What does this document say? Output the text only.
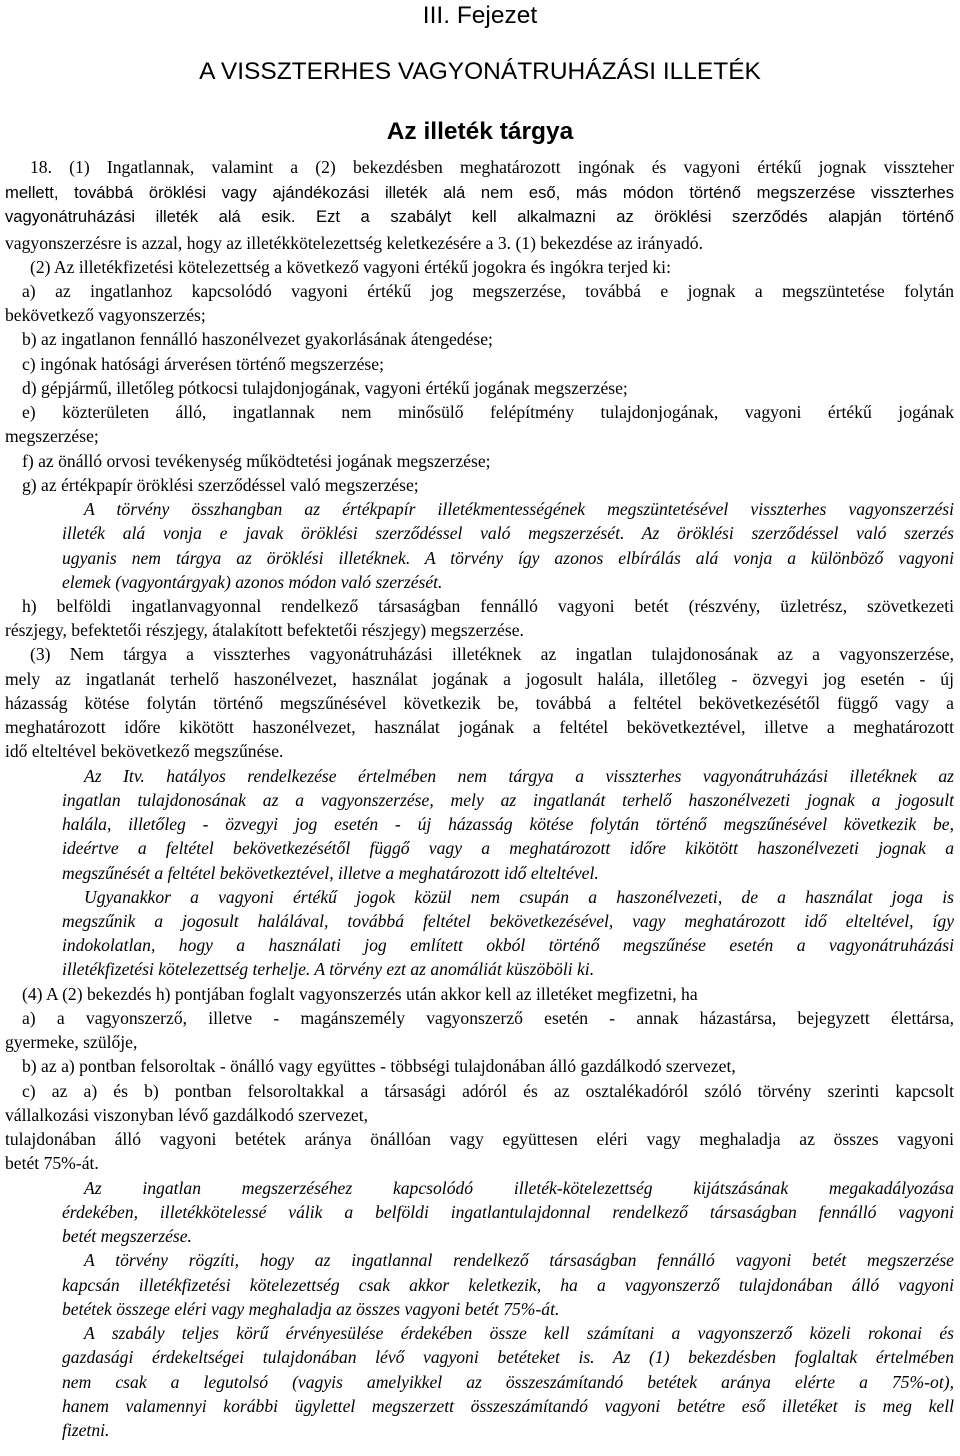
III. Fejezet
A VISSZTERHES VAGYONÁTRUHÁZÁSI ILLETÉK
Az illeték tárgya
18. (1) Ingatlannak, valamint a (2) bekezdésben meghatározott ingónak és vagyoni értékű jognak visszteher
mellett, továbbá öröklési vagy ajándékozási illeték alá nem eső, más módon történő megszerzése visszterhes
vagyonátruházási illeték alá esik. Ezt a szabályt kell alkalmazni az öröklési szerződés alapján történő
vagyonszerzésre is azzal, hogy az illetékkötelezettség keletkezésére a 3. (1) bekezdése az irányadó.
(2) Az illetékfizetési kötelezettség a következő vagyoni értékű jogokra és ingókra terjed ki:
a) az ingatlanhoz kapcsolódó vagyoni értékű jog megszerzése, továbbá e jognak a megszüntetése folytán
bekövetkező vagyonszerzés;
b) az ingatlanon fennálló haszonélvezet gyakorlásának átengedése;
c) ingónak hatósági árverésen történő megszerzése;
d) gépjármű, illetőleg pótkocsi tulajdonjogának, vagyoni értékű jogának megszerzése;
e) közterületen álló, ingatlannak nem minősülő felépítmény tulajdonjogának, vagyoni értékű jogának
megszerzése;
f) az önálló orvosi tevékenység működtetési jogának megszerzése;
g) az értékpapír öröklési szerződéssel való megszerzése;
A törvény összhangban az értékpapír illetékmentességének megszüntetésével visszterhes vagyonszerzési
illeték alá vonja e javak öröklési szerződéssel való megszerzését. Az öröklési szerződéssel való szerzés
ugyanis nem tárgya az öröklési illetéknek. A törvény így azonos elbírálás alá vonja a különböző vagyoni
elemek (vagyontárgyak) azonos módon való szerzését.
h) belföldi ingatlanvagyonnal rendelkező társaságban fennálló vagyoni betét (részvény, üzletrész, szövetkezeti
részjegy, befektetői részjegy, átalakított befektetői részjegy) megszerzése.
(3) Nem tárgya a visszterhes vagyonátruházási illetéknek az ingatlan tulajdonosának az a vagyonszerzése,
mely az ingatlanát terhelő haszonélvezet, használat jogának a jogosult halála, illetőleg - özvegyi jog esetén - új
házasság kötése folytán történő megszűnésével következik be, továbbá a feltétel bekövetkezésétől függő vagy a
meghatározott időre kikötött haszonélvezet, használat jogának a feltétel bekövetkeztével, illetve a meghatározott
idő elteltével bekövetkező megszűnése.
Az Itv. hatályos rendelkezése értelmében nem tárgya a visszterhes vagyonátruházási illetéknek az
ingatlan tulajdonosának az a vagyonszerzése, mely az ingatlanát terhelő haszonélvezeti jognak a jogosult
halála, illetőleg - özvegyi jog esetén - új házasság kötése folytán történő megszűnésével következik be,
ideértve a feltétel bekövetkezésétől függő vagy a meghatározott időre kikötött haszonélvezeti jognak a
megszűnését a feltétel bekövetkeztével, illetve a meghatározott idő elteltével.
Ugyanakkor a vagyoni értékű jogok közül nem csupán a haszonélvezeti, de a használat joga is
megszűnik a jogosult halálával, továbbá feltétel bekövetkezésével, vagy meghatározott idő elteltével, így
indokolatlan, hogy a használati jog említett okból történő megszűnése esetén a vagyonátruházási
illetékfizetési kötelezettség terhelje. A törvény ezt az anomáliát küszöböli ki.
(4) A (2) bekezdés h) pontjában foglalt vagyonszerzés után akkor kell az illetéket megfizetni, ha
a) a vagyonszerző, illetve - magánszemély vagyonszerző esetén - annak házastársa, bejegyzett élettársa,
gyermeke, szülője,
b) az a) pontban felsoroltak - önálló vagy együttes - többségi tulajdonában álló gazdálkodó szervezet,
c) az a) és b) pontban felsoroltakkal a társasági adóról és az osztalékadóról szóló törvény szerinti kapcsolt
vállalkozási viszonyban lévő gazdálkodó szervezet,
tulajdonában álló vagyoni betétek aránya önállóan vagy együttesen eléri vagy meghaladja az összes vagyoni
betét 75%-át.
Az ingatlan megszerzéséhez kapcsolódó illeték-kötelezettség kijátszásának megakadályozása
érdekében, illetékkötelessé válik a belföldi ingatlantulajdonnal rendelkező társaságban fennálló vagyoni
betét megszerzése.
A törvény rögzíti, hogy az ingatlannal rendelkező társaságban fennálló vagyoni betét megszerzése
kapcsán illetékfizetési kötelezettség csak akkor keletkezik, ha a vagyonszerző tulajdonában álló vagyoni
betétek összege eléri vagy meghaladja az összes vagyoni betét 75%-át.
A szabály teljes körű érvényesülése érdekében össze kell számítani a vagyonszerző közeli rokonai és
gazdasági érdekeltségei tulajdonában lévő vagyoni betéteket is. Az (1) bekezdésben foglaltak értelmében
nem csak a legutolsó (vagyis amelyikkel az összeszámítandó betétek aránya elérte a 75%-ot),
hanem valamennyi korábbi ügylettel megszerzett összeszámítandó vagyoni betétre eső illetéket is meg kell
fizetni.
